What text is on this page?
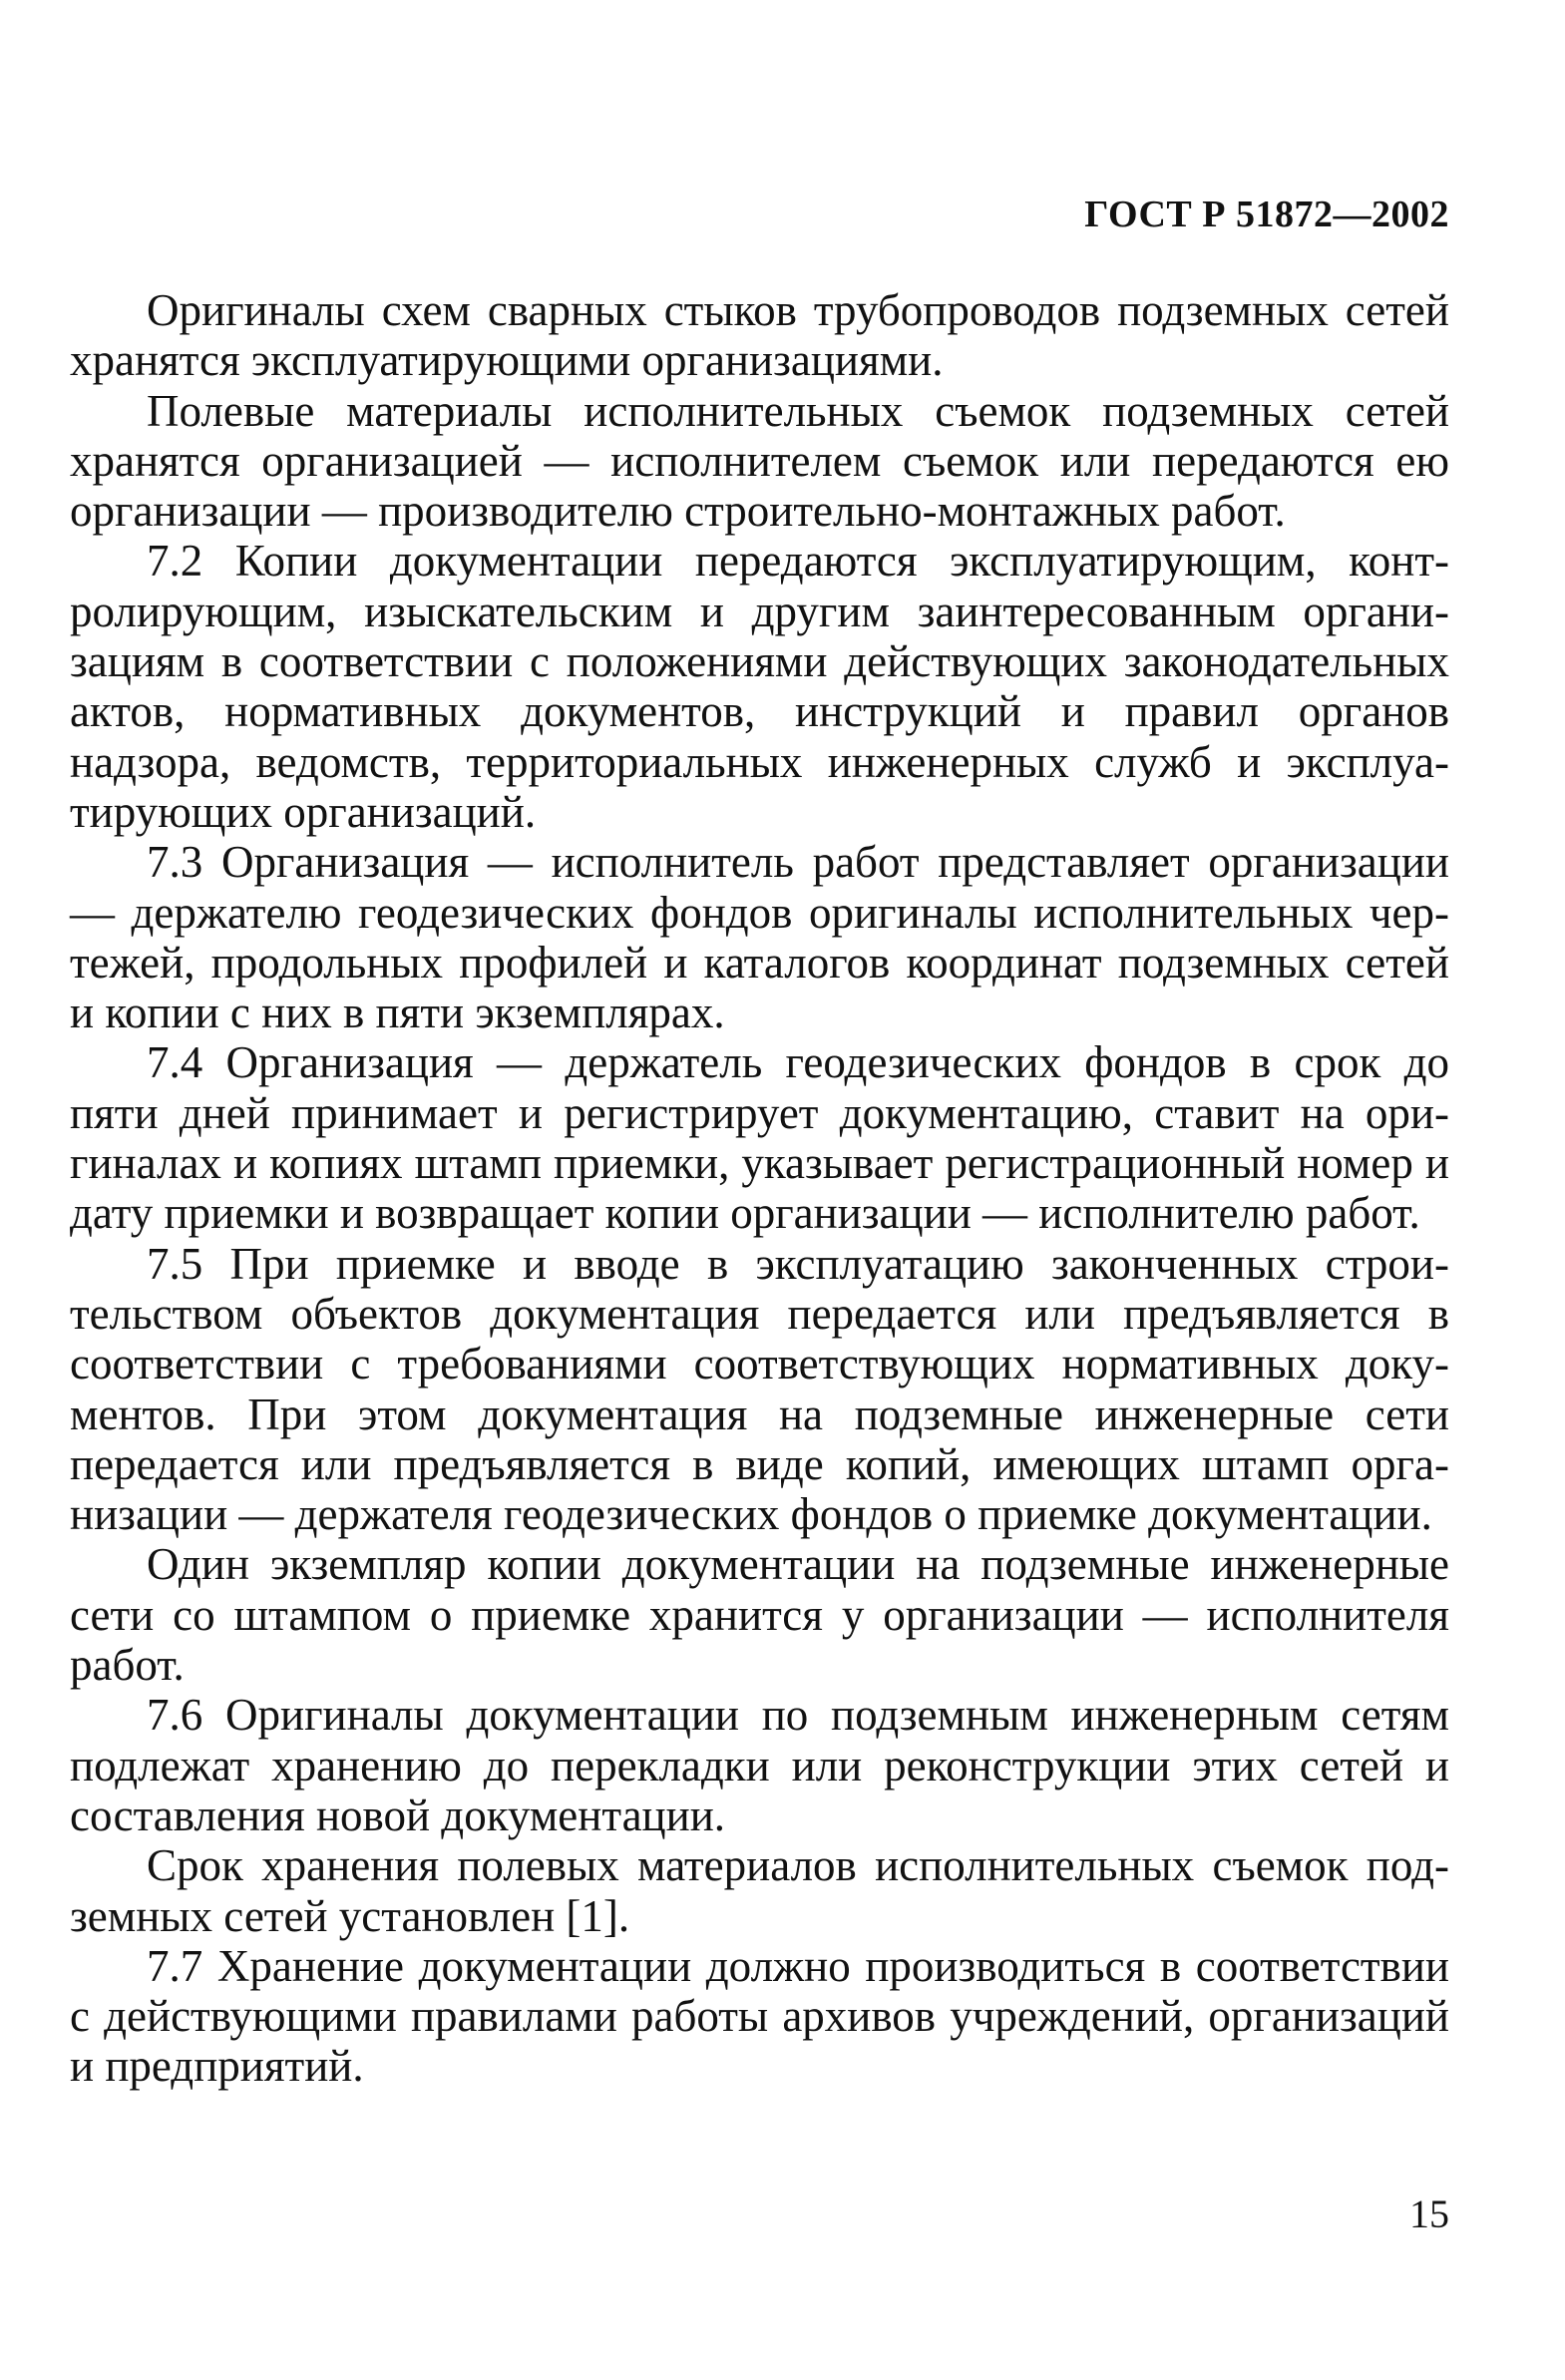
ГОСТ Р 51872—2002

Оригиналы схем сварных стыков трубопроводов подземных сетей хранятся эксплуатирующими организациями.

Полевые материалы исполнительных съемок подземных сетей хранятся организацией — исполнителем съемок или передаются ею организации — производителю строительно-монтажных работ.

7.2 Копии документации передаются эксплуатирующим, контролирующим, изыскательским и другим заинтересованным организациям в соответствии с положениями действующих законодательных актов, нормативных документов, инструкций и правил органов надзора, ведомств, территориальных инженерных служб и эксплуатирующих организаций.

7.3 Организация — исполнитель работ представляет организации— держателю геодезических фондов оригиналы исполнительных чертежей, продольных профилей и каталогов координат подземных сетей и копии с них в пяти экземплярах.

7.4 Организация — держатель геодезических фондов в срок до пяти дней принимает и регистрирует документацию, ставит на оригиналах и копиях штамп приемки, указывает регистрационный номер и дату приемки и возвращает копии организации — исполнителю работ.

7.5 При приемке и вводе в эксплуатацию законченных строительством объектов документация передается или предъявляется в соответствии с требованиями соответствующих нормативных документов. При этом документация на подземные инженерные сети передается или предъявляется в виде копий, имеющих штамп организации — держателя геодезических фондов о приемке документации.

Один экземпляр копии документации на подземные инженерные сети со штампом о приемке хранится у организации — исполнителя работ.

7.6 Оригиналы документации по подземным инженерным сетям подлежат хранению до перекладки или реконструкции этих сетей и составления новой документации.

Срок хранения полевых материалов исполнительных съемок подземных сетей установлен [1].

7.7 Хранение документации должно производиться в соответствии с действующими правилами работы архивов учреждений, организаций и предприятий.

15
